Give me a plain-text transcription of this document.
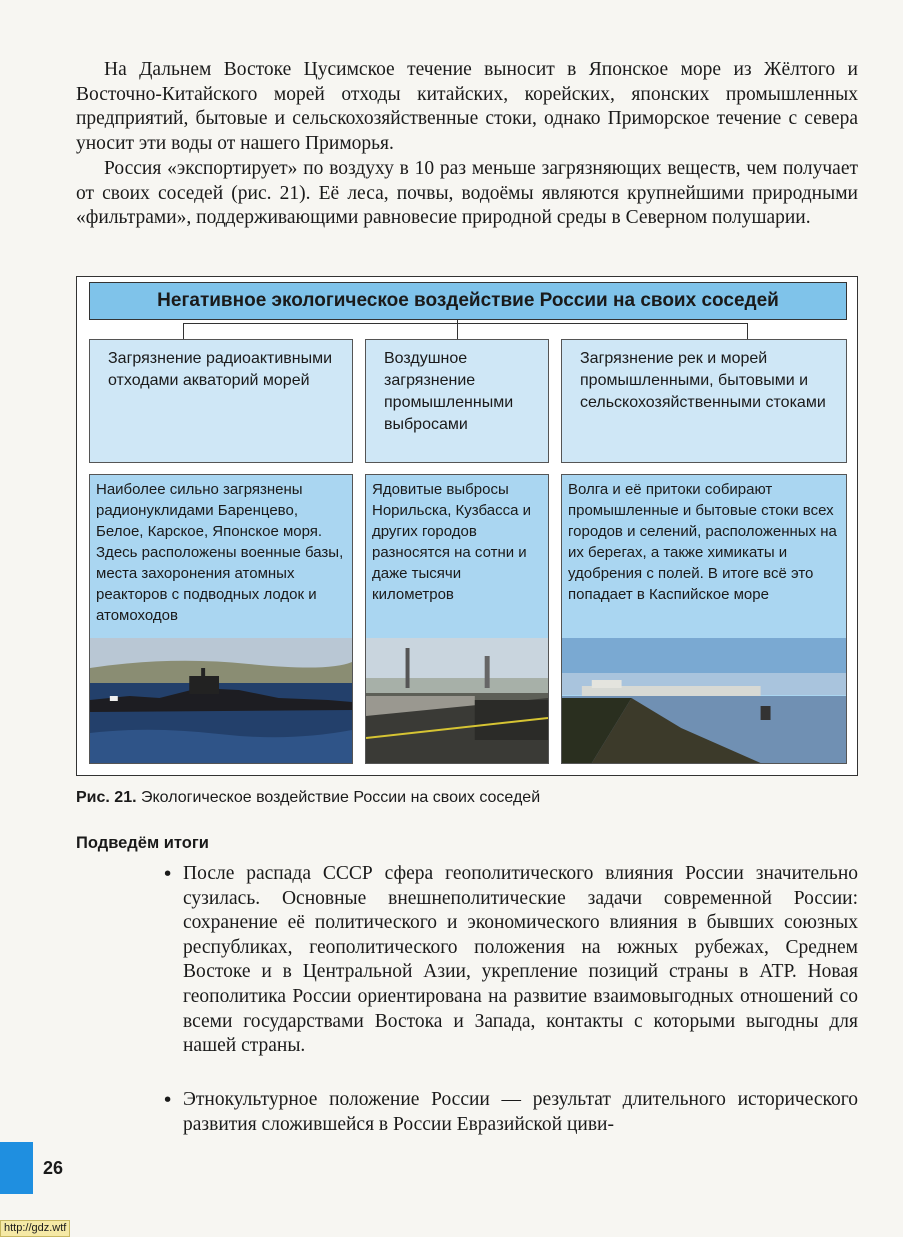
На Дальнем Востоке Цусимское течение выносит в Японское море из Жёлтого и Восточно-Китайского морей отходы китайских, корейских, японских промышленных предприятий, бытовые и сельскохозяйственные стоки, однако Приморское течение с севера уносит эти воды от нашего Приморья.

Россия «экспортирует» по воздуху в 10 раз меньше загрязняющих веществ, чем получает от своих соседей (рис. 21). Её леса, почвы, водоёмы являются крупнейшими природными «фильтрами», поддерживающими равновесие природной среды в Северном полушарии.

Негативное экологическое воздействие России на своих соседей
Загрязнение радиоактивными отходами акваторий морей
Воздушное загрязнение промышленными выбросами
Загрязнение рек и морей промышленными, бытовыми и сельскохозяйственными стоками
Наиболее сильно загрязнены радионуклидами Баренцево, Белое, Карское, Японское моря. Здесь расположены военные базы, места захоронения атомных реакторов с подводных лодок и атомоходов
Ядовитые выбросы Норильска, Кузбасса и других городов разносятся на сотни и даже тысячи километров
Волга и её притоки собирают промышленные и бытовые стоки всех городов и селений, расположенных на их берегах, а также химикаты и удобрения с полей. В итоге всё это попадает в Каспийское море
Рис. 21. Экологическое воздействие России на своих соседей
Подведём итоги
• После распада СССР сфера геополитического влияния России значительно сузилась. Основные внешнеполитические задачи современной России: сохранение её политического и экономического влияния в бывших союзных республиках, геополитического положения на южных рубежах, Среднем Востоке и в Центральной Азии, укрепление позиций страны в АТР. Новая геополитика России ориентирована на развитие взаимовыгодных отношений со всеми государствами Востока и Запада, контакты с которыми выгодны для нашей страны.

• Этнокультурное положение России — результат длительного исторического развития сложившейся в России Евразийской циви-

26
http://gdz.wtf
